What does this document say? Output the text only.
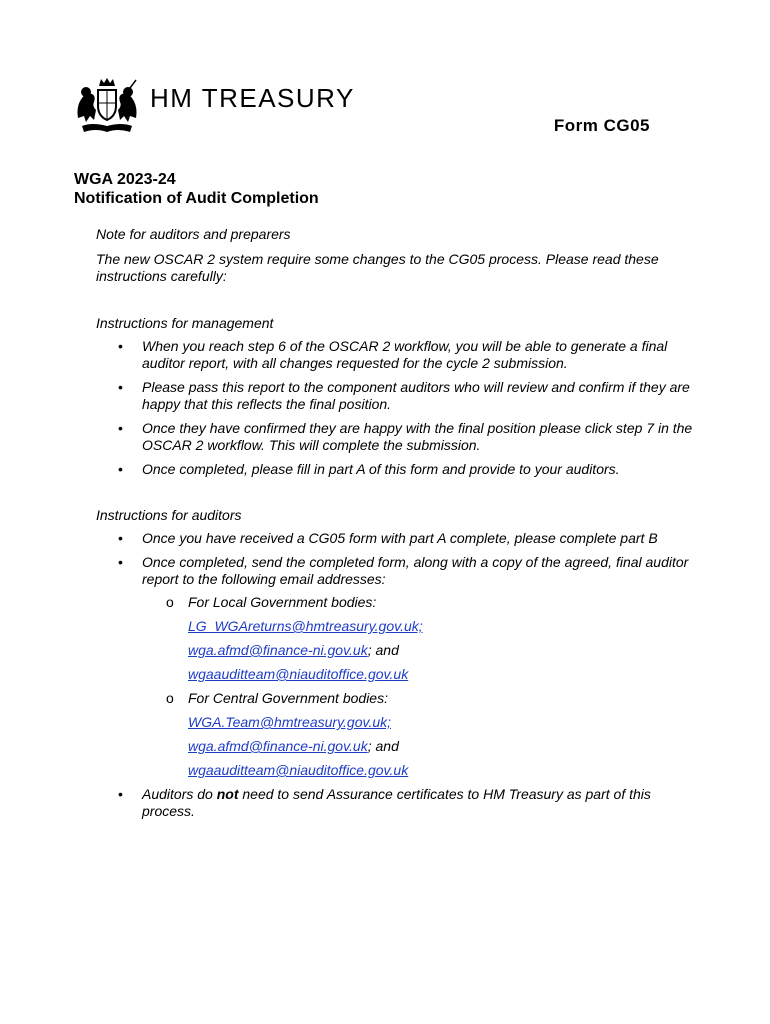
HM TREASURY
Form CG05
WGA 2023-24
Notification of Audit Completion

Note for auditors and preparers

The new OSCAR 2 system require some changes to the CG05 process. Please read these instructions carefully:

Instructions for management

• When you reach step 6 of the OSCAR 2 workflow, you will be able to generate a final auditor report, with all changes requested for the cycle 2 submission.
• Please pass this report to the component auditors who will review and confirm if they are happy that this reflects the final position.
• Once they have confirmed they are happy with the final position please click step 7 in the OSCAR 2 workflow. This will complete the submission.
• Once completed, please fill in part A of this form and provide to your auditors.

Instructions for auditors

• Once you have received a CG05 form with part A complete, please complete part B
• Once completed, send the completed form, along with a copy of the agreed, final auditor report to the following email addresses:
o For Local Government bodies:
LG_WGAreturns@hmtreasury.gov.uk;
wga.afmd@finance-ni.gov.uk; and
wgaauditteam@niauditoffice.gov.uk
o For Central Government bodies:
WGA.Team@hmtreasury.gov.uk;
wga.afmd@finance-ni.gov.uk; and
wgaauditteam@niauditoffice.gov.uk
• Auditors do not need to send Assurance certificates to HM Treasury as part of this process.
